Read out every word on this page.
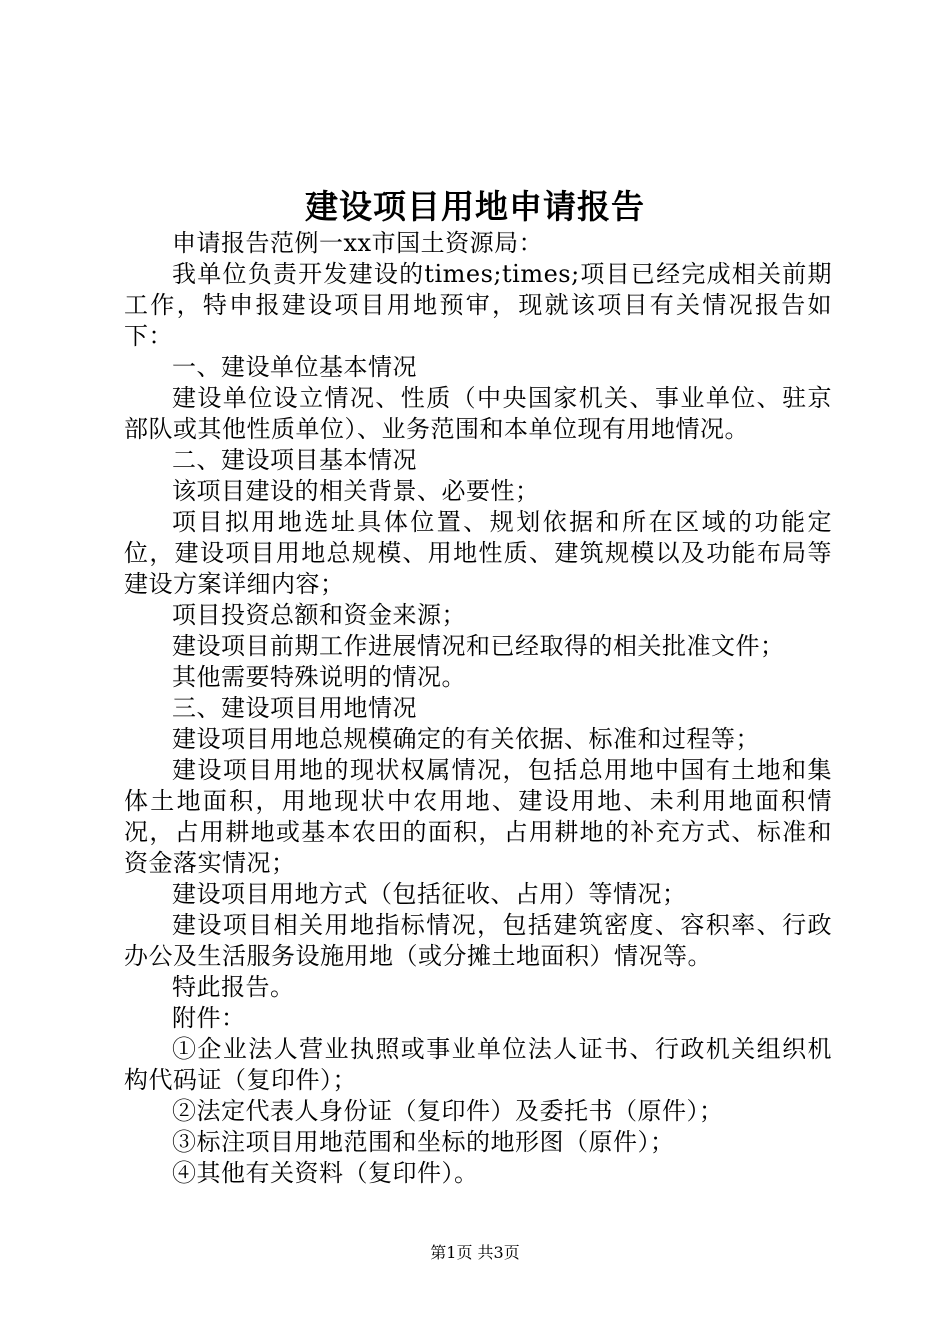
建设项目用地申请报告

申请报告范例一xx市国土资源局：

我单位负责开发建设的times;times;项目已经完成相关前期工作，特申报建设项目用地预审，现就该项目有关情况报告如下：

一、建设单位基本情况

建设单位设立情况、性质（中央国家机关、事业单位、驻京部队或其他性质单位）、业务范围和本单位现有用地情况。

二、建设项目基本情况

该项目建设的相关背景、必要性；

项目拟用地选址具体位置、规划依据和所在区域的功能定位，建设项目用地总规模、用地性质、建筑规模以及功能布局等建设方案详细内容；

项目投资总额和资金来源；

建设项目前期工作进展情况和已经取得的相关批准文件；

其他需要特殊说明的情况。

三、建设项目用地情况

建设项目用地总规模确定的有关依据、标准和过程等；

建设项目用地的现状权属情况，包括总用地中国有土地和集体土地面积，用地现状中农用地、建设用地、未利用地面积情况，占用耕地或基本农田的面积，占用耕地的补充方式、标准和资金落实情况；

建设项目用地方式（包括征收、占用）等情况；

建设项目相关用地指标情况，包括建筑密度、容积率、行政办公及生活服务设施用地（或分摊土地面积）情况等。

特此报告。

附件：

①企业法人营业执照或事业单位法人证书、行政机关组织机构代码证（复印件）；

②法定代表人身份证（复印件）及委托书（原件）；

③标注项目用地范围和坐标的地形图（原件）；

④其他有关资料（复印件）。

第1页 共3页
